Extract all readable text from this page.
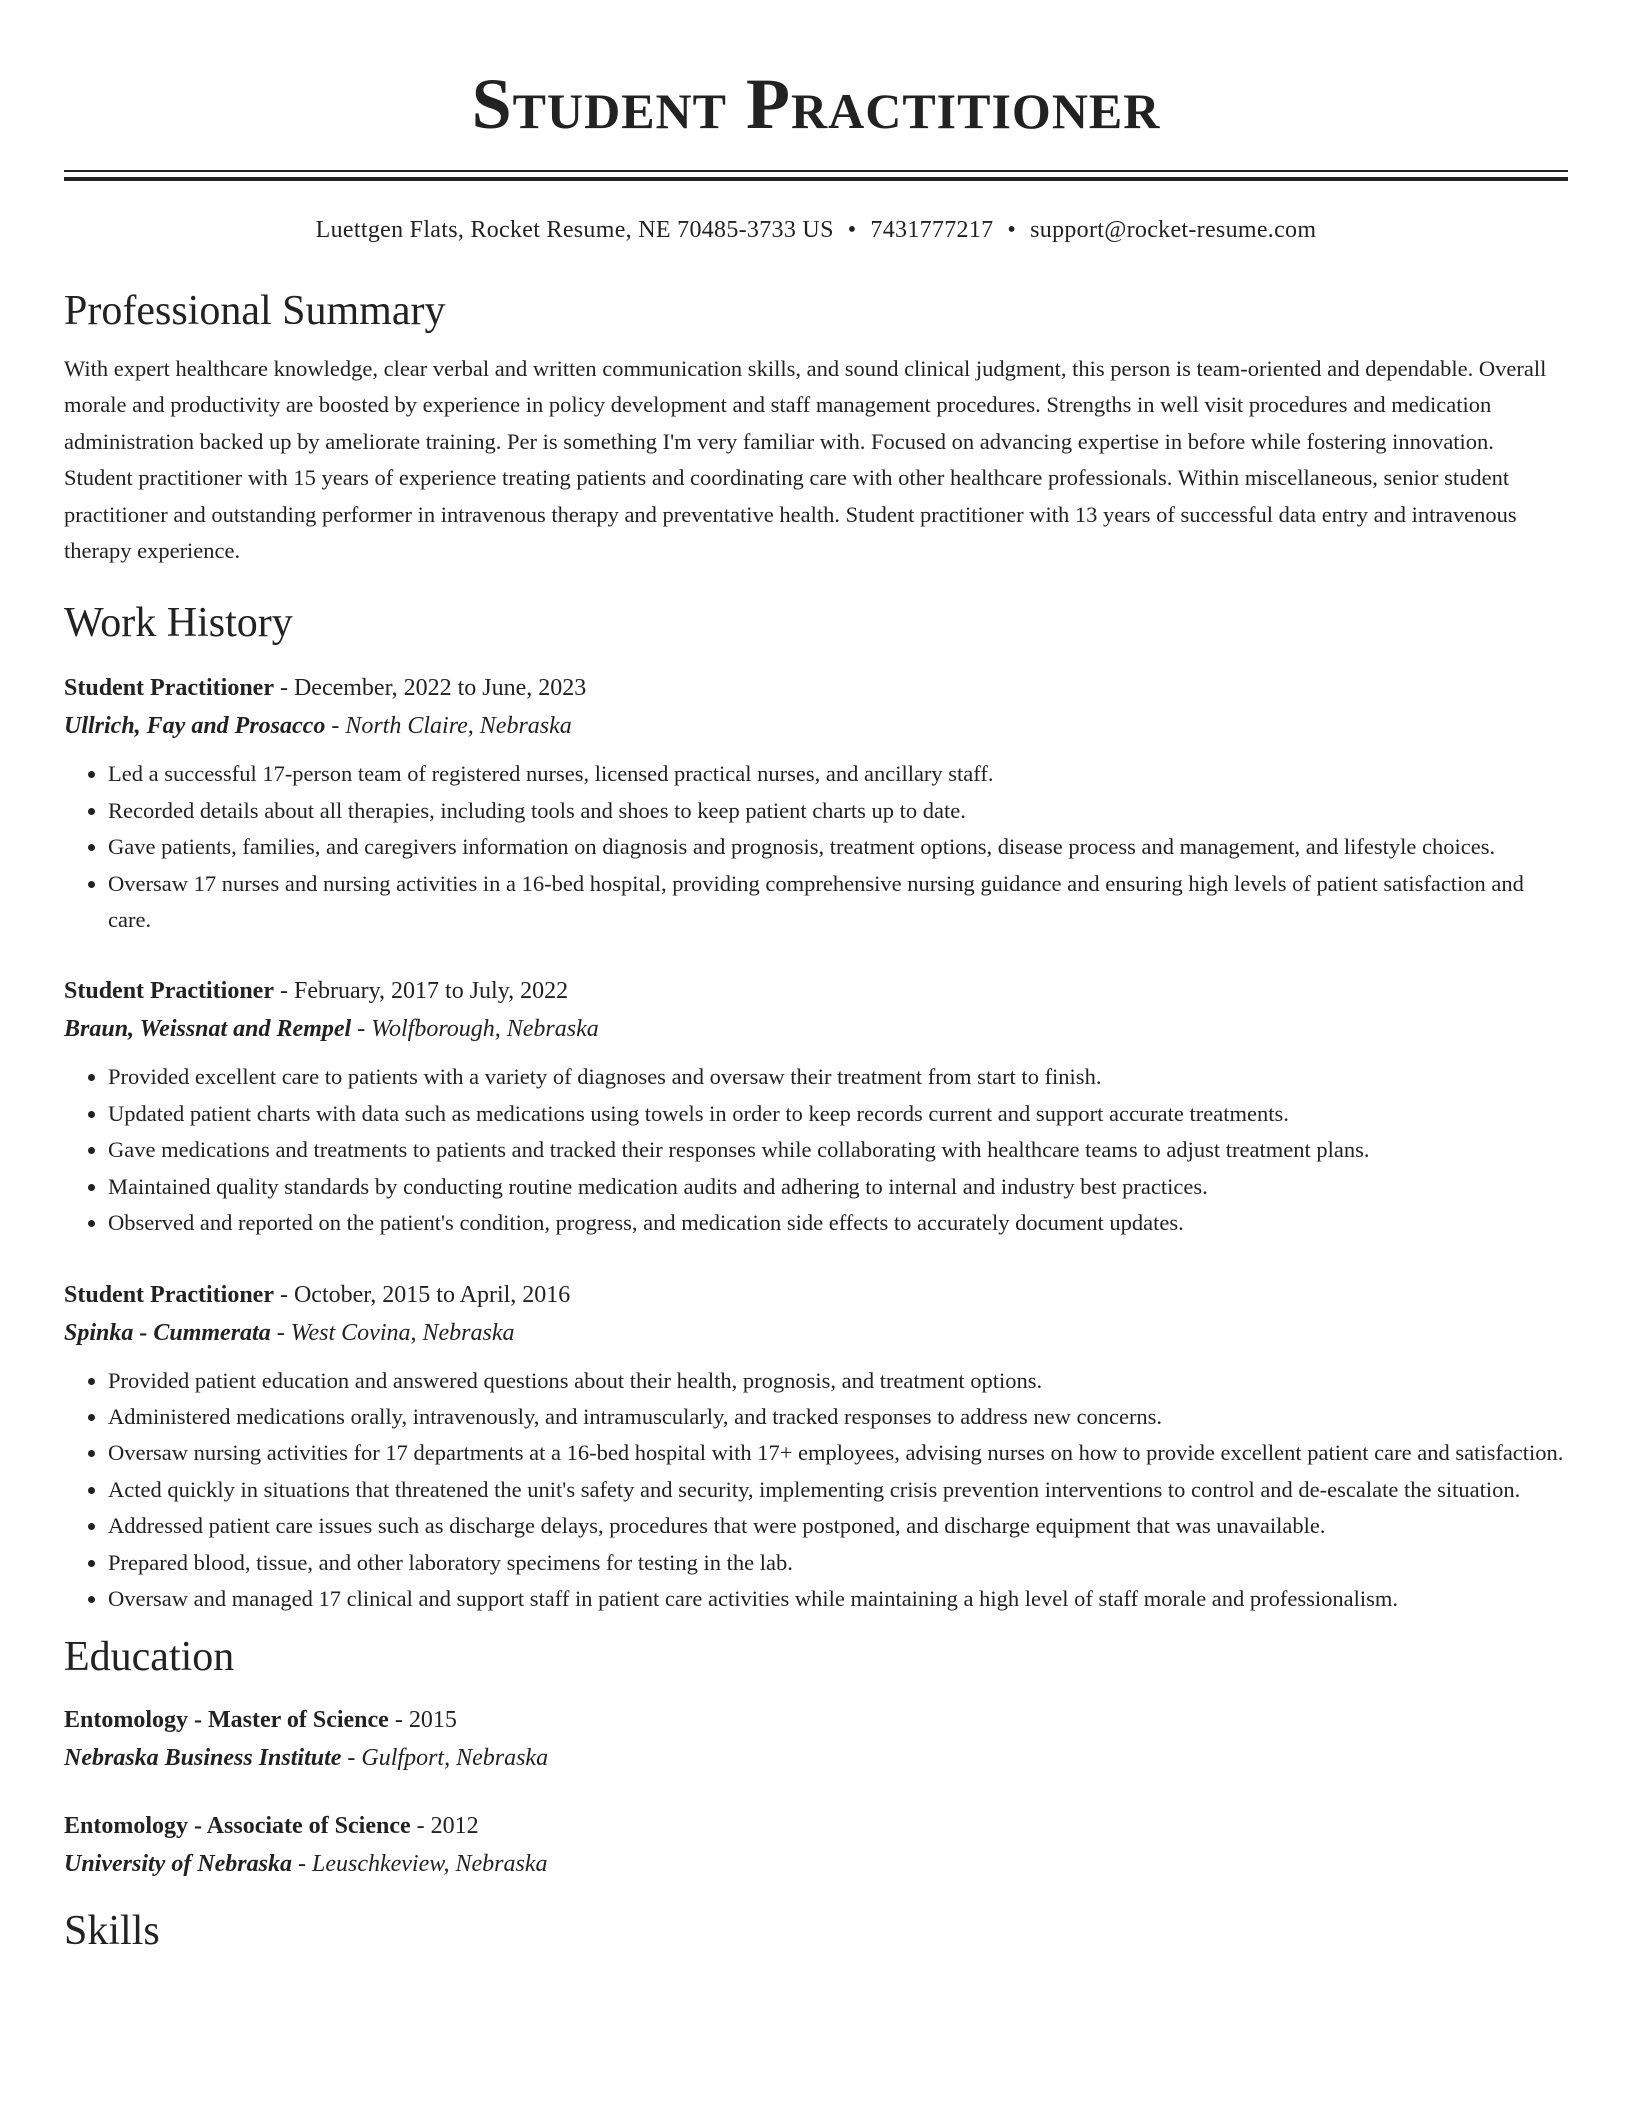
Student Practitioner
Luettgen Flats, Rocket Resume, NE 70485-3733 US • 7431777217 • support@rocket-resume.com
Professional Summary
With expert healthcare knowledge, clear verbal and written communication skills, and sound clinical judgment, this person is team-oriented and dependable. Overall morale and productivity are boosted by experience in policy development and staff management procedures. Strengths in well visit procedures and medication administration backed up by ameliorate training. Per is something I'm very familiar with. Focused on advancing expertise in before while fostering innovation. Student practitioner with 15 years of experience treating patients and coordinating care with other healthcare professionals. Within miscellaneous, senior student practitioner and outstanding performer in intravenous therapy and preventative health. Student practitioner with 13 years of successful data entry and intravenous therapy experience.
Work History
Student Practitioner - December, 2022 to June, 2023
Ullrich, Fay and Prosacco - North Claire, Nebraska
• Led a successful 17-person team of registered nurses, licensed practical nurses, and ancillary staff.
• Recorded details about all therapies, including tools and shoes to keep patient charts up to date.
• Gave patients, families, and caregivers information on diagnosis and prognosis, treatment options, disease process and management, and lifestyle choices.
• Oversaw 17 nurses and nursing activities in a 16-bed hospital, providing comprehensive nursing guidance and ensuring high levels of patient satisfaction and care.
Student Practitioner - February, 2017 to July, 2022
Braun, Weissnat and Rempel - Wolfborough, Nebraska
• Provided excellent care to patients with a variety of diagnoses and oversaw their treatment from start to finish.
• Updated patient charts with data such as medications using towels in order to keep records current and support accurate treatments.
• Gave medications and treatments to patients and tracked their responses while collaborating with healthcare teams to adjust treatment plans.
• Maintained quality standards by conducting routine medication audits and adhering to internal and industry best practices.
• Observed and reported on the patient's condition, progress, and medication side effects to accurately document updates.
Student Practitioner - October, 2015 to April, 2016
Spinka - Cummerata - West Covina, Nebraska
• Provided patient education and answered questions about their health, prognosis, and treatment options.
• Administered medications orally, intravenously, and intramuscularly, and tracked responses to address new concerns.
• Oversaw nursing activities for 17 departments at a 16-bed hospital with 17+ employees, advising nurses on how to provide excellent patient care and satisfaction.
• Acted quickly in situations that threatened the unit's safety and security, implementing crisis prevention interventions to control and de-escalate the situation.
• Addressed patient care issues such as discharge delays, procedures that were postponed, and discharge equipment that was unavailable.
• Prepared blood, tissue, and other laboratory specimens for testing in the lab.
• Oversaw and managed 17 clinical and support staff in patient care activities while maintaining a high level of staff morale and professionalism.
Education
Entomology - Master of Science - 2015
Nebraska Business Institute - Gulfport, Nebraska
Entomology - Associate of Science - 2012
University of Nebraska - Leuschkeview, Nebraska
Skills
